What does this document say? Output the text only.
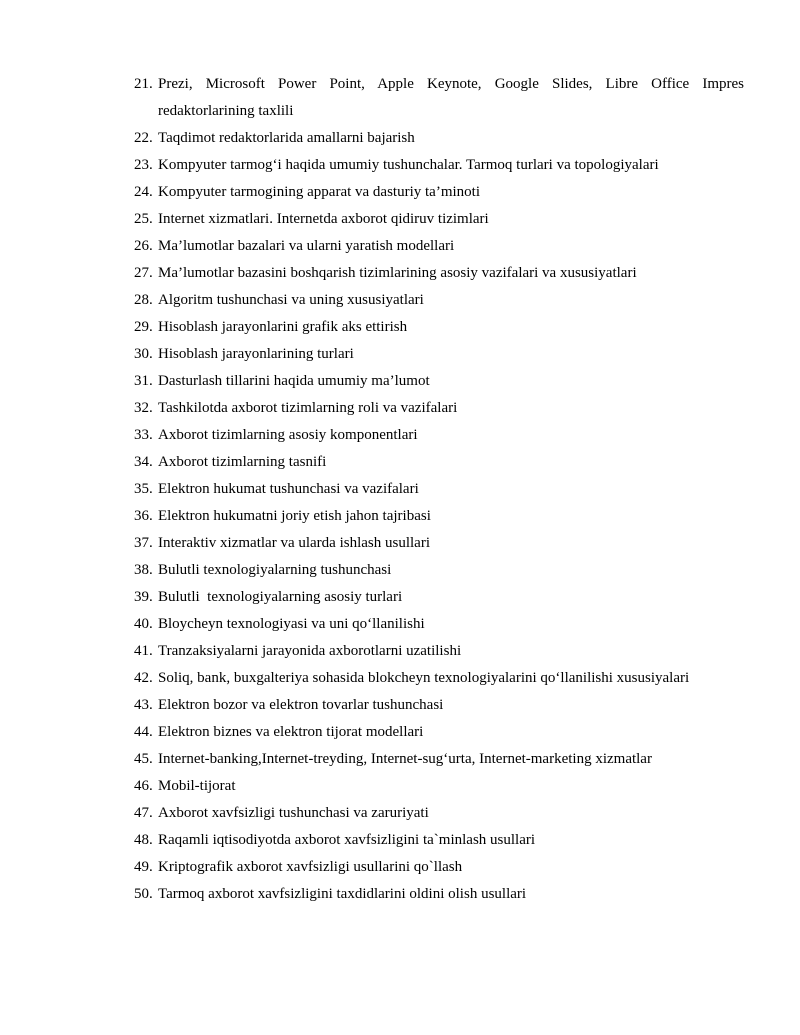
21. Prezi, Microsoft Power Point, Apple Keynote, Google Slides, Libre Office Impres
redaktorlarining taxlili
22. Taqdimot redaktorlarida amallarni bajarish
23. Kompyuter tarmog‘i haqida umumiy tushunchalar. Tarmoq turlari va topologiyalari
24. Kompyuter tarmogining apparat va dasturiy ta’minoti
25. Internet xizmatlari. Internetda axborot qidiruv tizimlari
26. Ma’lumotlar bazalari va ularni yaratish modellari
27. Ma’lumotlar bazasini boshqarish tizimlarining asosiy vazifalari va xususiyatlari
28. Algoritm tushunchasi va uning xususiyatlari
29. Hisoblash jarayonlarini grafik aks ettirish
30. Hisoblash jarayonlarining turlari
31. Dasturlash tillarini haqida umumiy ma’lumot
32. Tashkilotda axborot tizimlarning roli va vazifalari
33. Axborot tizimlarning asosiy komponentlari
34. Axborot tizimlarning tasnifi
35. Elektron hukumat tushunchasi va vazifalari
36. Elektron hukumatni joriy etish jahon tajribasi
37. Interaktiv xizmatlar va ularda ishlash usullari
38. Bulutli texnologiyalarning tushunchasi
39. Bulutli  texnologiyalarning asosiy turlari
40. Bloycheyn texnologiyasi va uni qo‘llanilishi
41. Tranzaksiyalarni jarayonida axborotlarni uzatilishi
42. Soliq, bank, buxgalteriya sohasida blokcheyn texnologiyalarini qo‘llanilishi xususiyalari
43. Elektron bozor va elektron tovarlar tushunchasi
44. Elektron biznes va elektron tijorat modellari
45. Internet-banking,Internet-treyding, Internet-sug‘urta, Internet-marketing xizmatlar
46. Mobil-tijorat
47. Axborot xavfsizligi tushunchasi va zaruriyati
48. Raqamli iqtisodiyotda axborot xavfsizligini ta`minlash usullari
49. Kriptografik axborot xavfsizligi usullarini qo`llash
50. Tarmoq axborot xavfsizligini taxdidlarini oldini olish usullari
